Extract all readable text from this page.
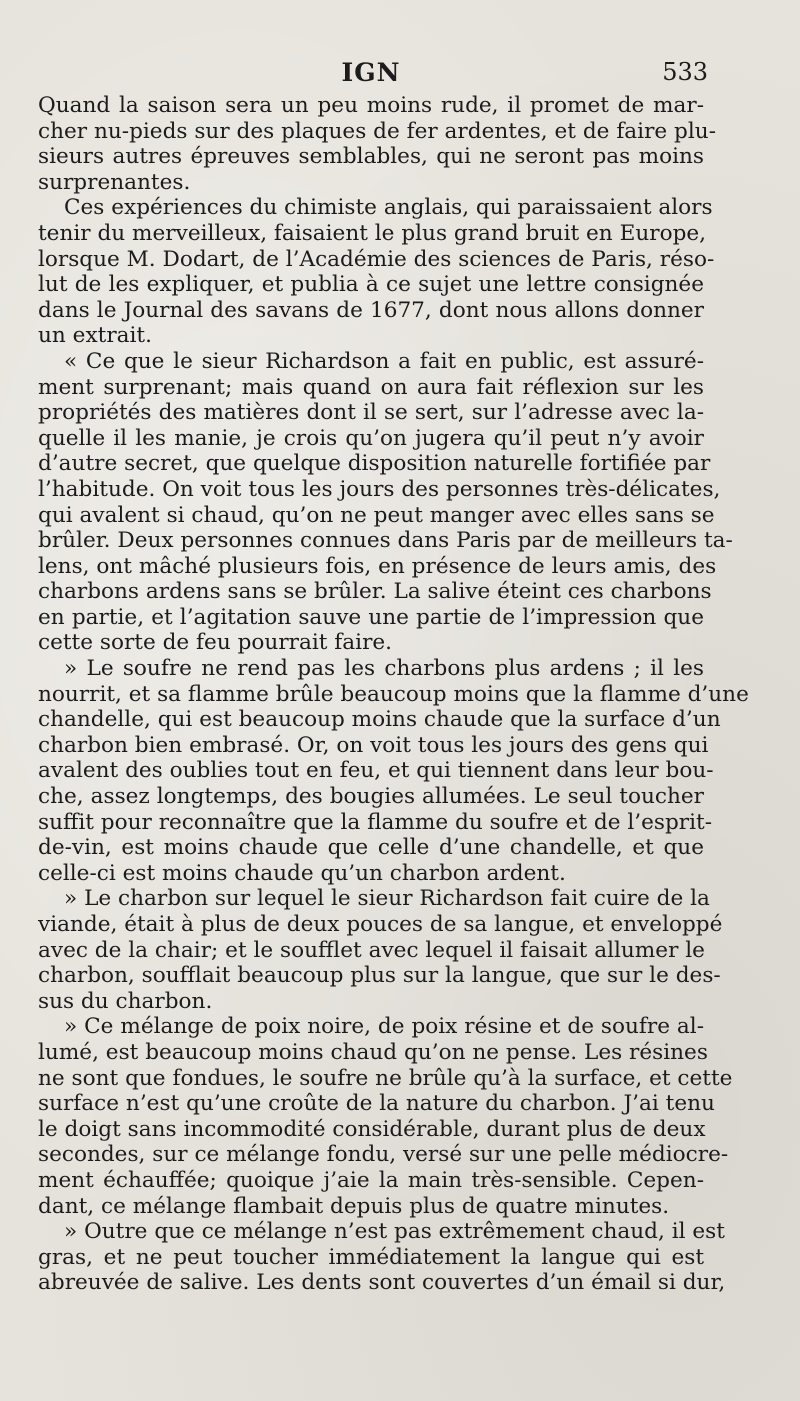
IGN	533
Quand la saison sera un peu moins rude, il promet de mar-
cher nu-pieds sur des plaques de fer ardentes, et de faire plu-
sieurs autres épreuves semblables, qui ne seront pas moins
surprenantes.
Ces expériences du chimiste anglais, qui paraissaient alors
tenir du merveilleux, faisaient le plus grand bruit en Europe,
lorsque M. Dodart, de l’Académie des sciences de Paris, réso-
lut de les expliquer, et publia à ce sujet une lettre consignée
dans le Journal des savans de 1677, dont nous allons donner
un extrait.
« Ce que le sieur Richardson a fait en public, est assuré-
ment surprenant; mais quand on aura fait réflexion sur les
propriétés des matières dont il se sert, sur l’adresse avec la-
quelle il les manie, je crois qu’on jugera qu’il peut n’y avoir
d’autre secret, que quelque disposition naturelle fortifiée par
l’habitude. On voit tous les jours des personnes très-délicates,
qui avalent si chaud, qu’on ne peut manger avec elles sans se
brûler. Deux personnes connues dans Paris par de meilleurs ta-
lens, ont mâché plusieurs fois, en présence de leurs amis, des
charbons ardens sans se brûler. La salive éteint ces charbons
en partie, et l’agitation sauve une partie de l’impression que
cette sorte de feu pourrait faire.
» Le soufre ne rend pas les charbons plus ardens ; il les
nourrit, et sa flamme brûle beaucoup moins que la flamme d’une
chandelle, qui est beaucoup moins chaude que la surface d’un
charbon bien embrasé. Or, on voit tous les jours des gens qui
avalent des oublies tout en feu, et qui tiennent dans leur bou-
che, assez longtemps, des bougies allumées. Le seul toucher
suffit pour reconnaître que la flamme du soufre et de l’esprit-
de-vin, est moins chaude que celle d’une chandelle, et que
celle-ci est moins chaude qu’un charbon ardent.
» Le charbon sur lequel le sieur Richardson fait cuire de la
viande, était à plus de deux pouces de sa langue, et enveloppé
avec de la chair; et le soufflet avec lequel il faisait allumer le
charbon, soufflait beaucoup plus sur la langue, que sur le des-
sus du charbon.
» Ce mélange de poix noire, de poix résine et de soufre al-
lumé, est beaucoup moins chaud qu’on ne pense. Les résines
ne sont que fondues, le soufre ne brûle qu’à la surface, et cette
surface n’est qu’une croûte de la nature du charbon. J’ai tenu
le doigt sans incommodité considérable, durant plus de deux
secondes, sur ce mélange fondu, versé sur une pelle médiocre-
ment échauffée; quoique j’aie la main très-sensible. Cepen-
dant, ce mélange flambait depuis plus de quatre minutes.
» Outre que ce mélange n’est pas extrêmement chaud, il est
gras, et ne peut toucher immédiatement la langue qui est
abreuvée de salive. Les dents sont couvertes d’un émail si dur,
